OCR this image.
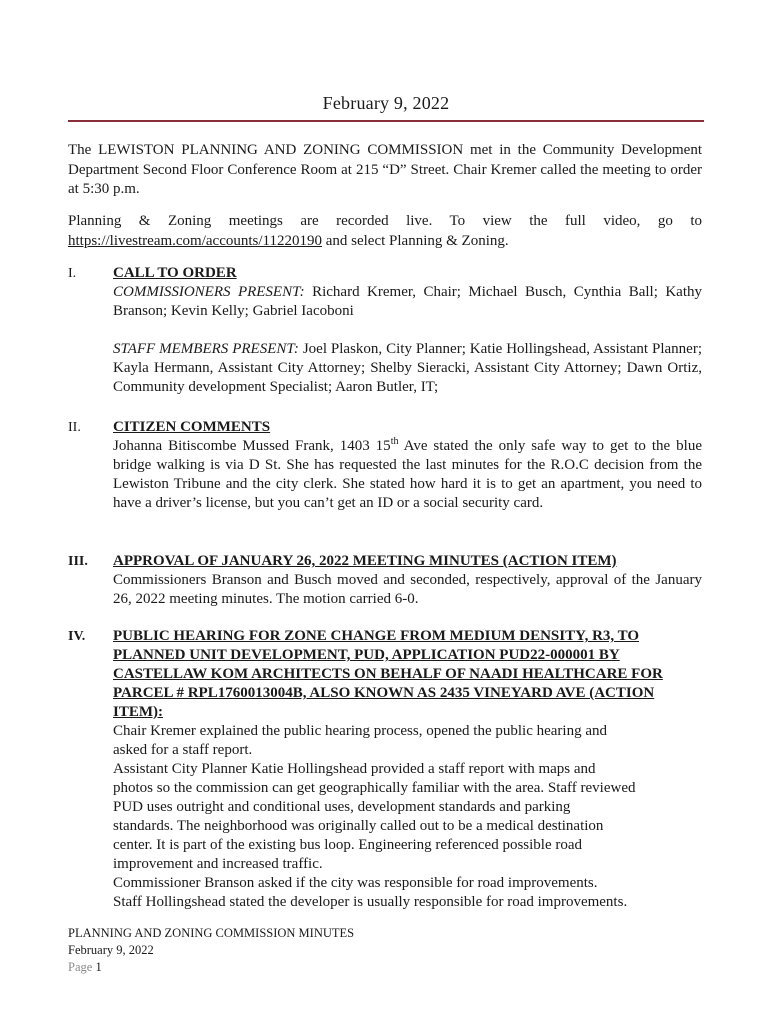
February 9, 2022

The LEWISTON PLANNING AND ZONING COMMISSION met in the Community Development Department Second Floor Conference Room at 215 “D” Street. Chair Kremer called the meeting to order at 5:30 p.m.

Planning & Zoning meetings are recorded live. To view the full video, go to https://livestream.com/accounts/11220190 and select Planning & Zoning.

I.	CALL TO ORDER

COMMISSIONERS PRESENT: Richard Kremer, Chair; Michael Busch, Cynthia Ball; Kathy Branson; Kevin Kelly; Gabriel Iacoboni

STAFF MEMBERS PRESENT: Joel Plaskon, City Planner; Katie Hollingshead, Assistant Planner; Kayla Hermann, Assistant City Attorney; Shelby Sieracki, Assistant City Attorney; Dawn Ortiz, Community development Specialist; Aaron Butler, IT;

II.	CITIZEN COMMENTS

Johanna Bitiscombe Mussed Frank, 1403 15th Ave stated the only safe way to get to the blue bridge walking is via D St. She has requested the last minutes for the R.O.C decision from the Lewiston Tribune and the city clerk. She stated how hard it is to get an apartment, you need to have a driver’s license, but you can’t get an ID or a social security card.

III.	APPROVAL OF JANUARY 26, 2022 MEETING MINUTES (ACTION ITEM)

Commissioners Branson and Busch moved and seconded, respectively, approval of the January 26, 2022 meeting minutes. The motion carried 6-0.

IV.	PUBLIC HEARING FOR ZONE CHANGE FROM MEDIUM DENSITY, R3, TO
PLANNED UNIT DEVELOPMENT, PUD, APPLICATION PUD22-000001 BY
CASTELLAW KOM ARCHITECTS ON BEHALF OF NAADI HEALTHCARE FOR
PARCEL # RPL1760013004B, ALSO KNOWN AS 2435 VINEYARD AVE (ACTION
ITEM):
Chair Kremer explained the public hearing process, opened the public hearing and
asked for a staff report.
Assistant City Planner Katie Hollingshead provided a staff report with maps and
photos so the commission can get geographically familiar with the area. Staff reviewed
PUD uses outright and conditional uses, development standards and parking
standards. The neighborhood was originally called out to be a medical destination
center. It is part of the existing bus loop. Engineering referenced possible road
improvement and increased traffic.
Commissioner Branson asked if the city was responsible for road improvements.
Staff Hollingshead stated the developer is usually responsible for road improvements.
PLANNING AND ZONING COMMISSION MINUTES
February 9, 2022
Page 1
